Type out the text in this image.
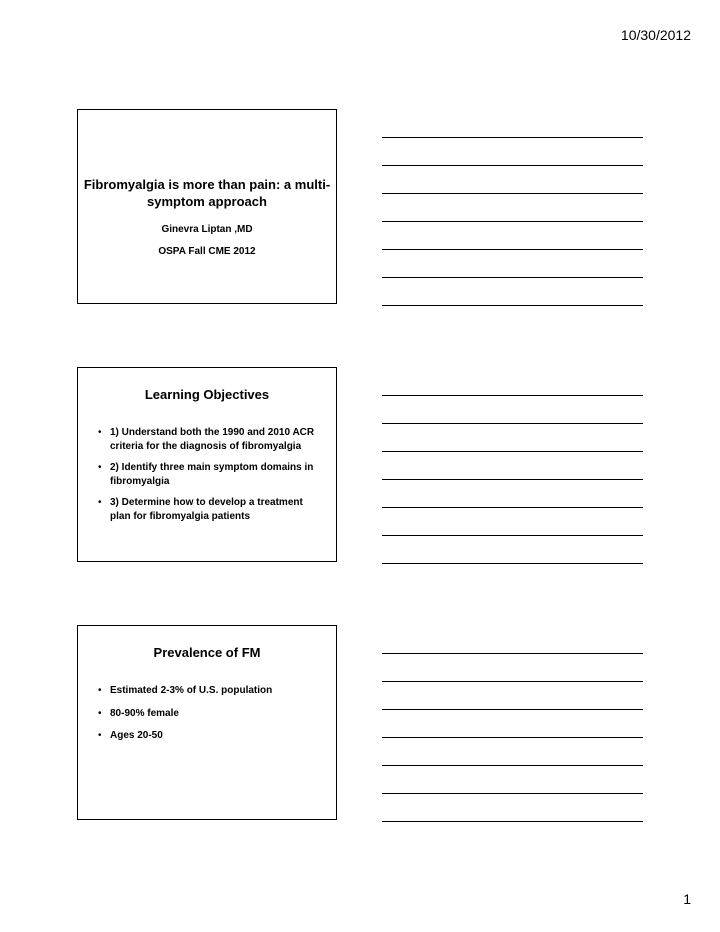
10/30/2012
Fibromyalgia is more than pain: a multi-symptom approach
Ginevra Liptan ,MD
OSPA Fall CME 2012
Learning Objectives
• 1) Understand both the 1990 and 2010 ACR criteria for the diagnosis of fibromyalgia
• 2) Identify three main symptom domains in fibromyalgia
• 3) Determine how to develop a treatment plan for fibromyalgia patients
Prevalence of FM
• Estimated 2-3% of U.S. population
• 80-90% female
• Ages 20-50
1
